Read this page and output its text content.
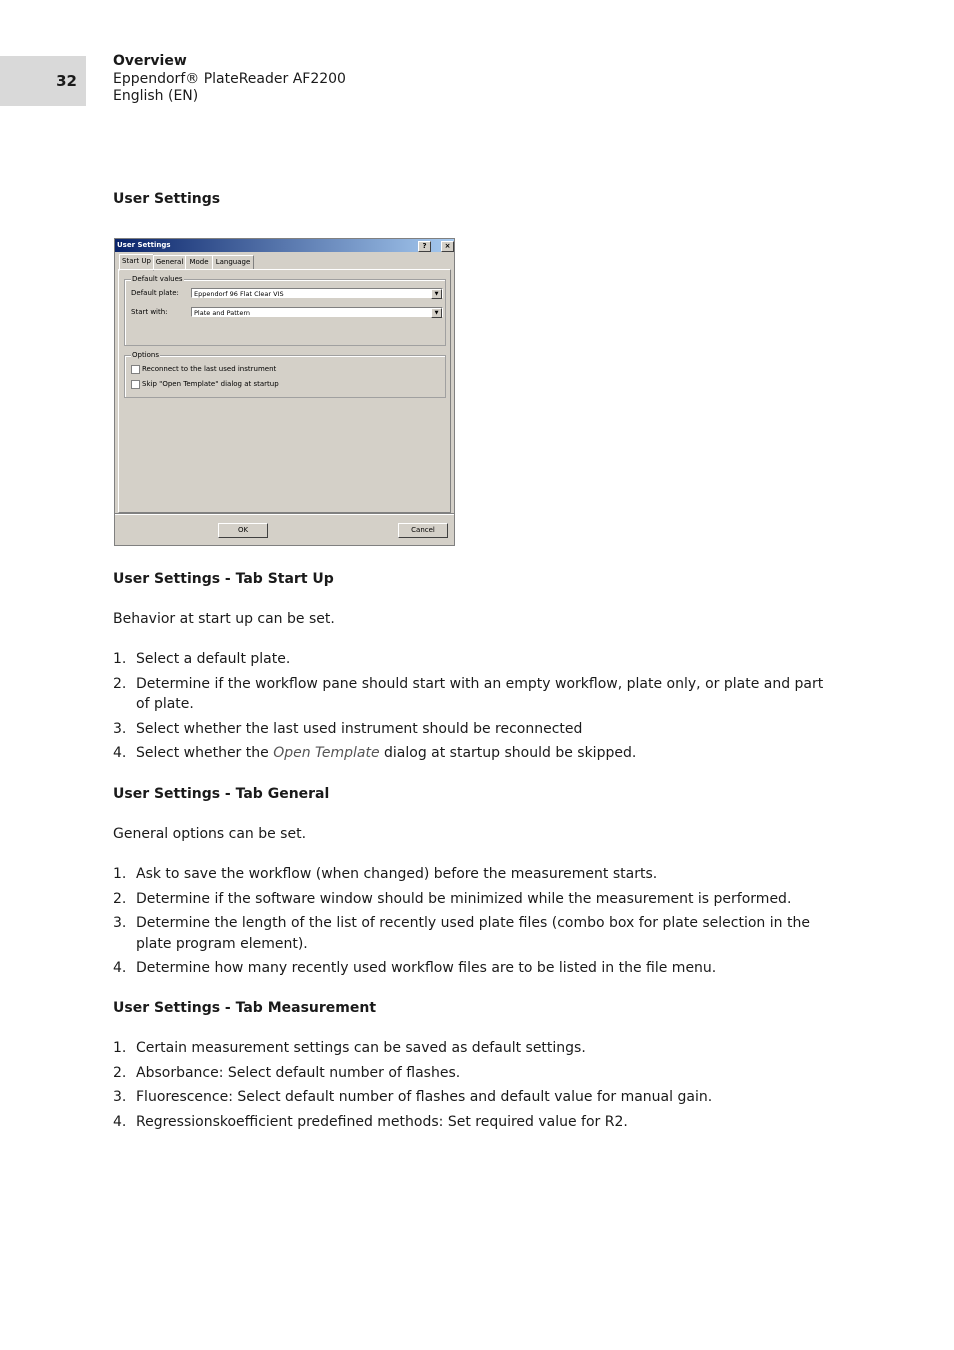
32
Overview
Eppendorf® PlateReader AF2200
English (EN)
User Settings
User Settings	?	×
Start Up General Mode	Language
Default values
Default plate:	Eppendorf 96 Flat Clear VIS	▼
Start with:	Plate and Pattern	▼
Options
Reconnect to the last used instrument
Skip "Open Template" dialog at startup
OK	Cancel
User Settings - Tab Start Up
Behavior at start up can be set.
1. Select a default plate.
2. Determine if the workflow pane should start with an empty workflow, plate only, or plate and part of plate.
3. Select whether the last used instrument should be reconnected
4. Select whether the Open Template dialog at startup should be skipped.
User Settings - Tab General
General options can be set.
1. Ask to save the workflow (when changed) before the measurement starts.
2. Determine if the software window should be minimized while the measurement is performed.
3. Determine the length of the list of recently used plate files (combo box for plate selection in the plate program element).
4. Determine how many recently used workflow files are to be listed in the file menu.
User Settings - Tab Measurement
1. Certain measurement settings can be saved as default settings.
2. Absorbance: Select default number of flashes.
3. Fluorescence: Select default number of flashes and default value for manual gain.
4. Regressionskoefficient predefined methods: Set required value for R2.
